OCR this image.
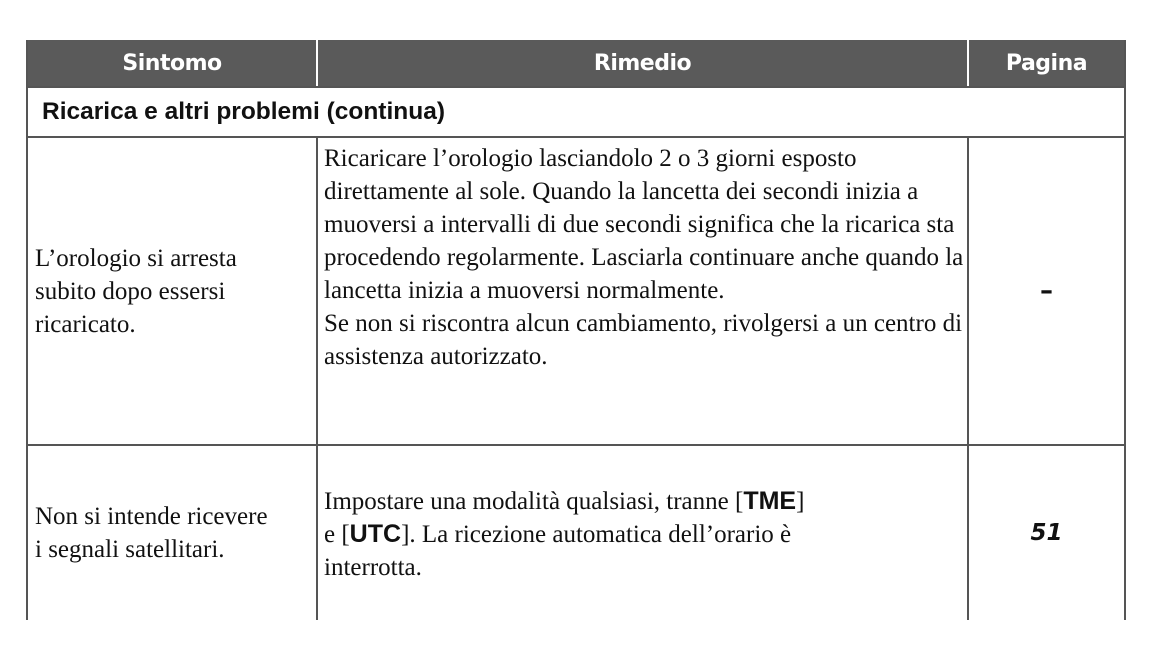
Sintomo	Rimedio	Pagina
Ricarica e altri problemi (continua)
L’orologio si arresta
subito dopo essersi
ricaricato.

Ricaricare l’orologio lasciandolo 2 o 3 giorni esposto direttamente al sole. Quando la lancetta dei secondi inizia a muoversi a intervalli di due secondi significa che la ricarica sta procedendo regolarmente. Lasciarla continuare anche quando la lancetta inizia a muoversi normalmente.

Se non si riscontra alcun cambiamento, rivolgersi a un centro di assistenza autorizzato.

–
Non si intende ricevere
i segnali satellitari.
Impostare una modalità qualsiasi, tranne [TME]
e [UTC]. La ricezione automatica dell’orario è
interrotta.
51
